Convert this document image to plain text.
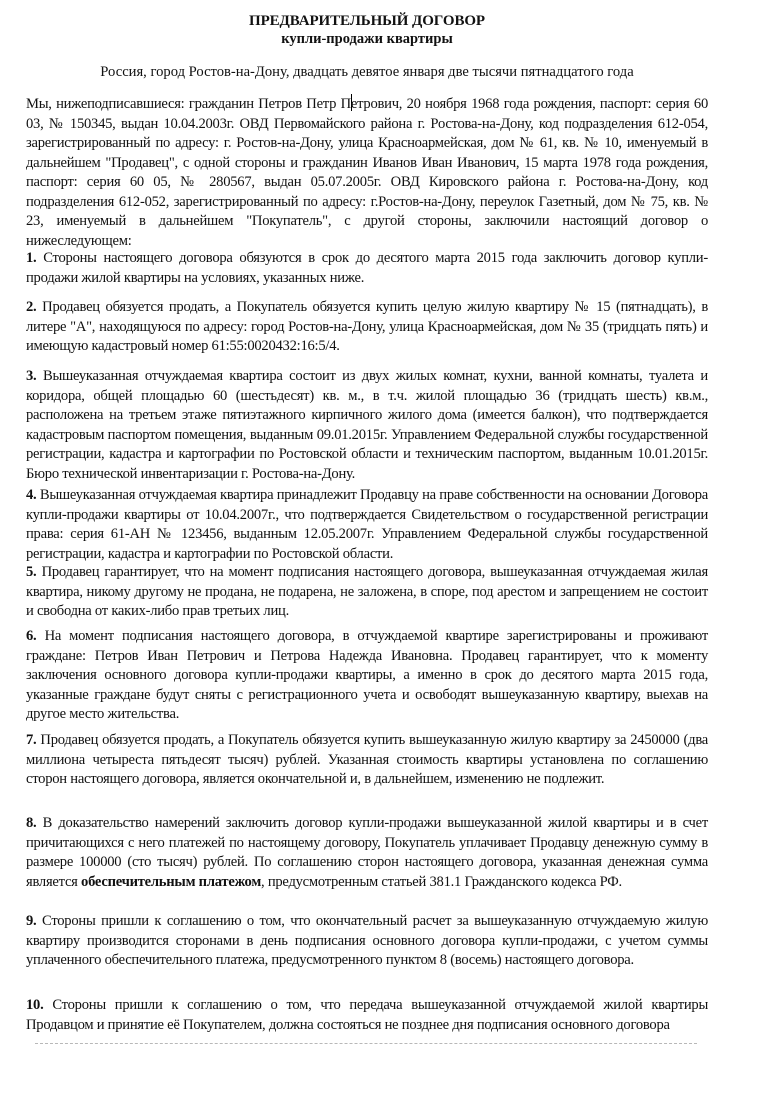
ПРЕДВАРИТЕЛЬНЫЙ ДОГОВОР
купли-продажи квартиры
Россия, город Ростов-на-Дону, двадцать девятое января две тысячи пятнадцатого года

Мы, нижеподписавшиеся: гражданин Петров Петр Петрович, 20 ноября 1968 года рождения, паспорт: серия 60 03, № 150345, выдан 10.04.2003г. ОВД Первомайского района г. Ростова-на-Дону, код подразделения 612-054, зарегистрированный по адресу: г. Ростов-на-Дону, улица Красноармейская, дом № 61, кв. № 10, именуемый в дальнейшем "Продавец", с одной стороны и гражданин Иванов Иван Иванович, 15 марта 1978 года рождения, паспорт: серия 60 05, № 280567, выдан 05.07.2005г. ОВД Кировского района г. Ростова-на-Дону, код подразделения 612-052, зарегистрированный по адресу: г.Ростов-на-Дону, переулок Газетный, дом № 75, кв. № 23, именуемый в дальнейшем "Покупатель", с другой стороны, заключили настоящий договор о нижеследующем:

1. Стороны настоящего договора обязуются в срок до десятого марта 2015 года заключить договор купли-продажи жилой квартиры на условиях, указанных ниже.

2. Продавец обязуется продать, а Покупатель обязуется купить целую жилую квартиру № 15 (пятнадцать), в литере "А", находящуюся по адресу: город Ростов-на-Дону, улица Красноармейская, дом № 35 (тридцать пять) и имеющую кадастровый номер 61:55:0020432:16:5/4.

3. Вышеуказанная отчуждаемая квартира состоит из двух жилых комнат, кухни, ванной комнаты, туалета и коридора, общей площадью 60 (шестьдесят) кв. м., в т.ч. жилой площадью 36 (тридцать шесть) кв.м., расположена на третьем этаже пятиэтажного кирпичного жилого дома (имеется балкон), что подтверждается кадастровым паспортом помещения, выданным 09.01.2015г. Управлением Федеральной службы государственной регистрации, кадастра и картографии по Ростовской области и техническим паспортом, выданным 10.01.2015г. Бюро технической инвентаризации г. Ростова-на-Дону.

4. Вышеуказанная отчуждаемая квартира принадлежит Продавцу на праве собственности на основании Договора купли-продажи квартиры от 10.04.2007г., что подтверждается Свидетельством о государственной регистрации права: серия 61-АН № 123456, выданным 12.05.2007г. Управлением Федеральной службы государственной регистрации, кадастра и картографии по Ростовской области.

5. Продавец гарантирует, что на момент подписания настоящего договора, вышеуказанная отчуждаемая жилая квартира, никому другому не продана, не подарена, не заложена, в споре, под арестом и запрещением не состоит и свободна от каких-либо прав третьих лиц.

6. На момент подписания настоящего договора, в отчуждаемой квартире зарегистрированы и проживают граждане: Петров Иван Петрович и Петрова Надежда Ивановна. Продавец гарантирует, что к моменту заключения основного договора купли-продажи квартиры, а именно в срок до десятого марта 2015 года, указанные граждане будут сняты с регистрационного учета и освободят вышеуказанную квартиру, выехав на другое место жительства.

7. Продавец обязуется продать, а Покупатель обязуется купить вышеуказанную жилую квартиру за 2450000 (два миллиона четыреста пятьдесят тысяч) рублей. Указанная стоимость квартиры установлена по соглашению сторон настоящего договора, является окончательной и, в дальнейшем, изменению не подлежит.

8. В доказательство намерений заключить договор купли-продажи вышеуказанной жилой квартиры и в счет причитающихся с него платежей по настоящему договору, Покупатель уплачивает Продавцу денежную сумму в размере 100000 (сто тысяч) рублей. По соглашению сторон настоящего договора, указанная денежная сумма является обеспечительным платежом, предусмотренным статьей 381.1 Гражданского кодекса РФ.

9. Стороны пришли к соглашению о том, что окончательный расчет за вышеуказанную отчуждаемую жилую квартиру производится сторонами в день подписания основного договора купли-продажи, с учетом суммы уплаченного обеспечительного платежа, предусмотренного пунктом 8 (восемь) настоящего договора.

10. Стороны пришли к соглашению о том, что передача вышеуказанной отчуждаемой жилой квартиры Продавцом и принятие её Покупателем, должна состояться не позднее дня подписания основного договора
